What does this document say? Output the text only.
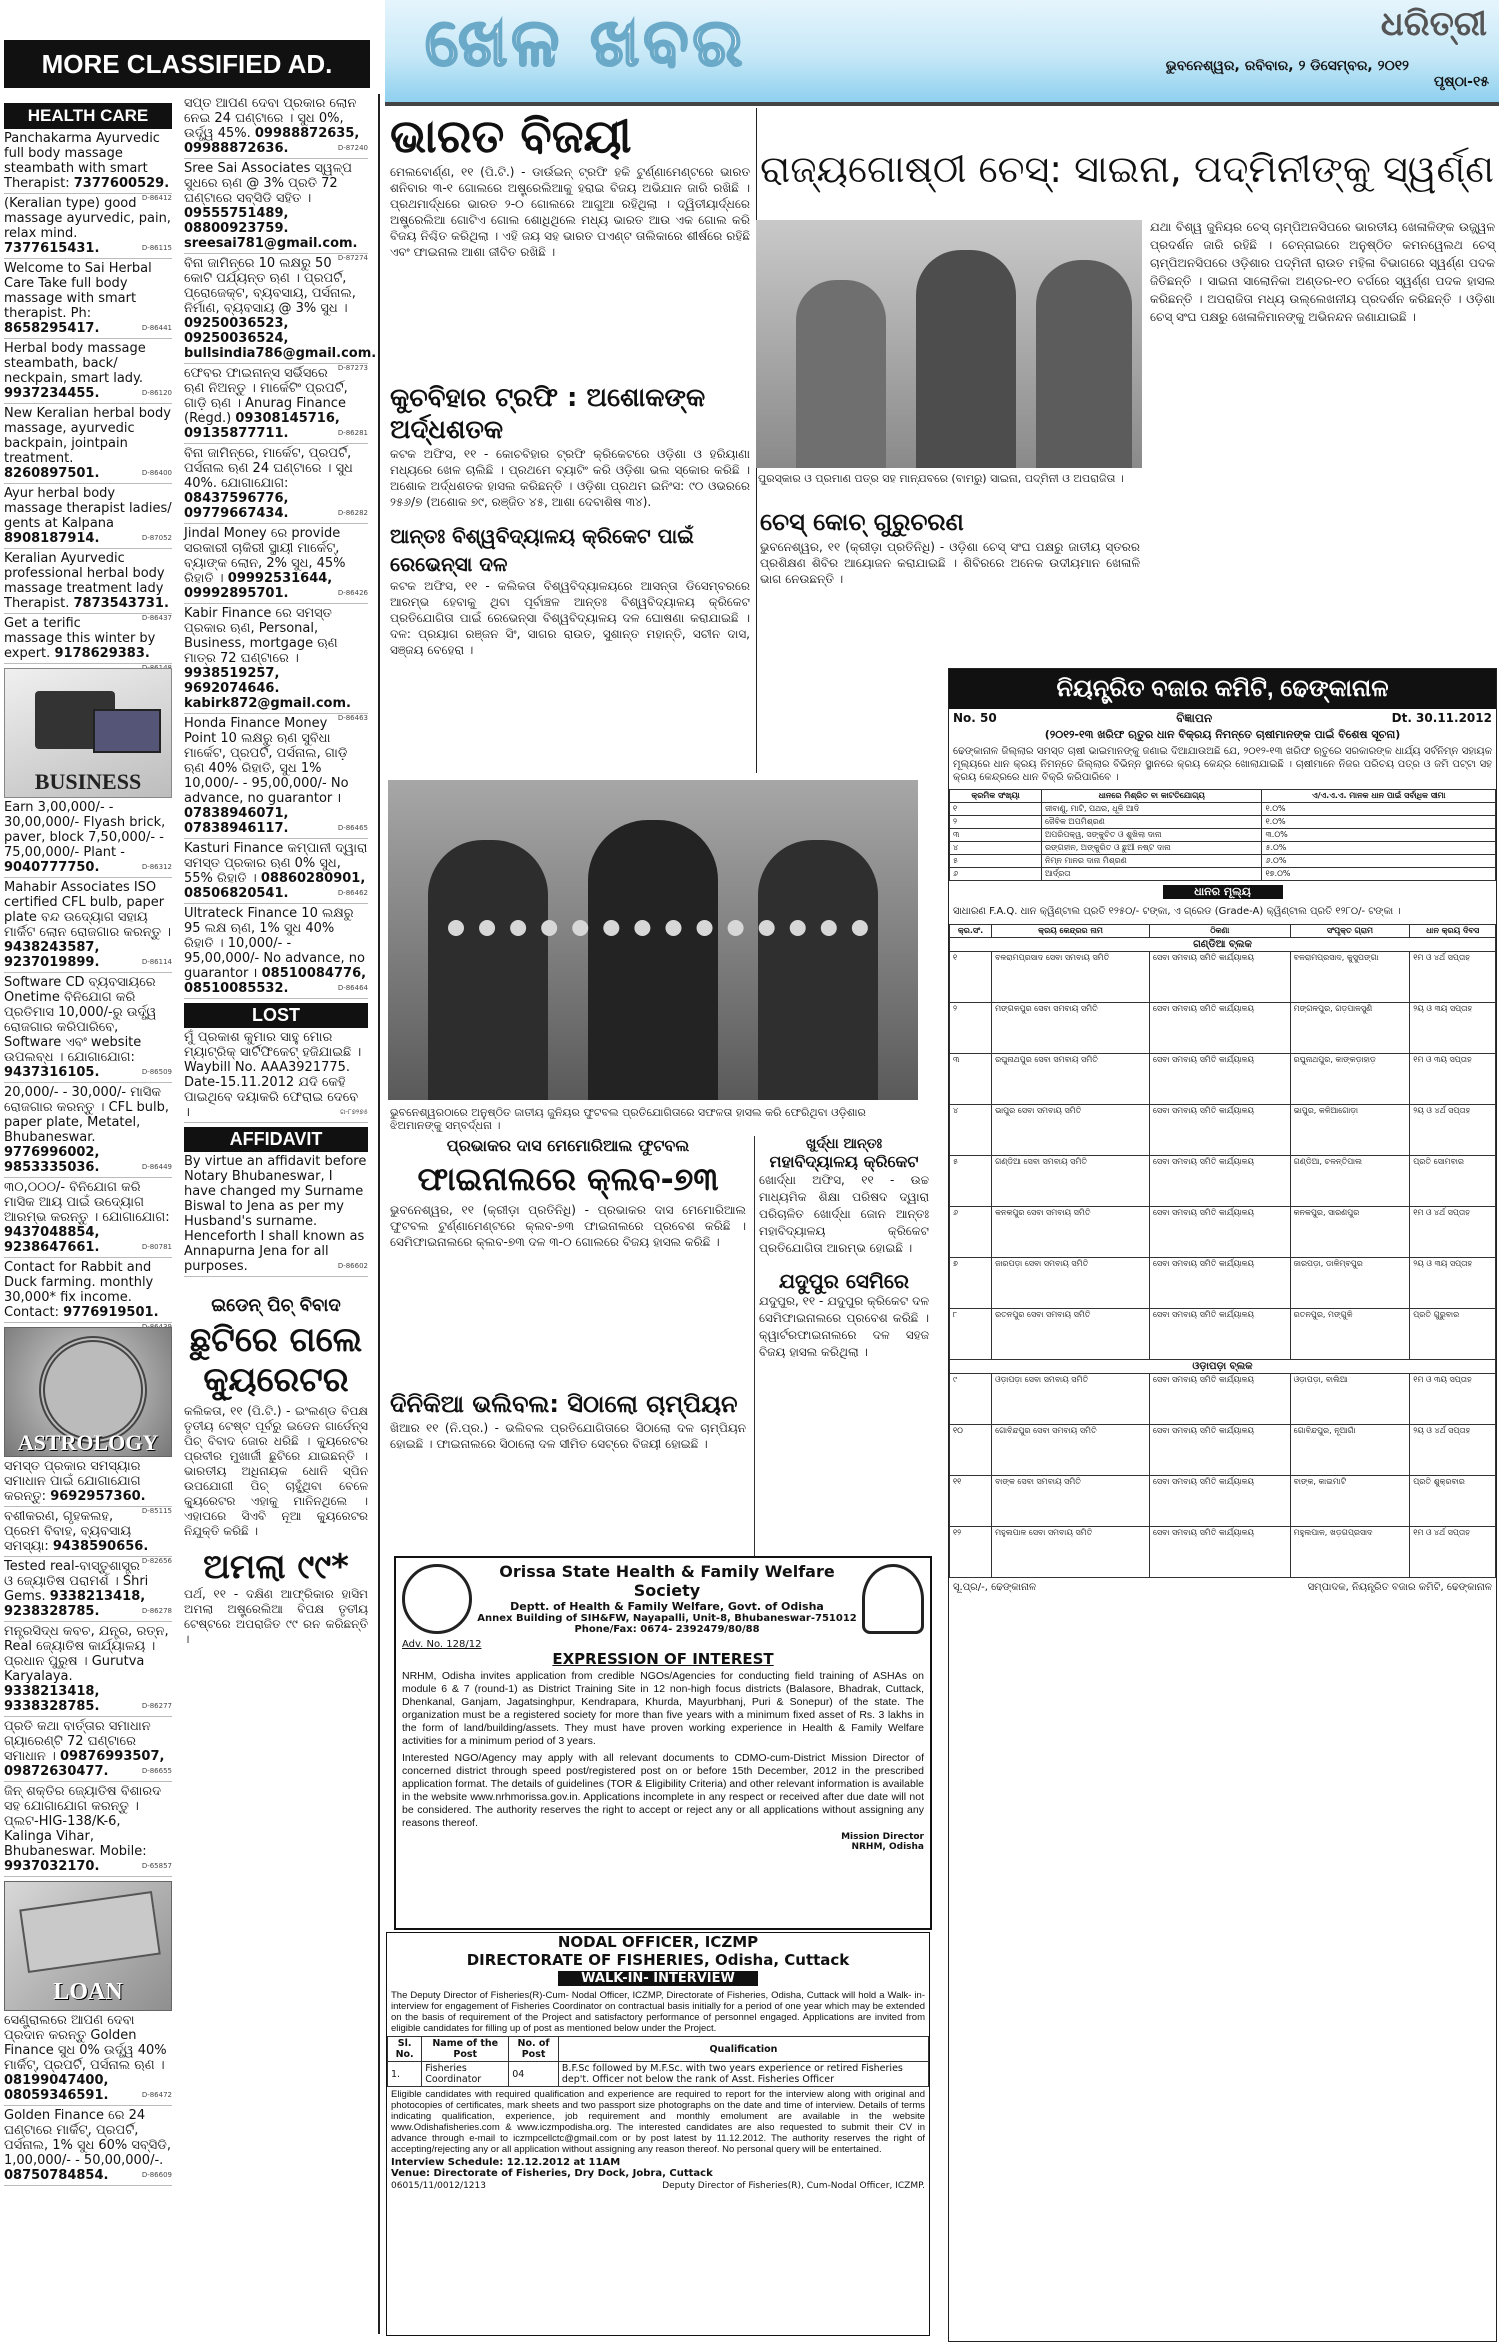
ଖେଳ ଖବର	ଧରିତ୍ରୀ
ଭୁବନେଶ୍ୱର, ରବିବାର, ୨ ଡିସେମ୍ବର, ୨୦୧୨
ପୃଷ୍ଠା-୧୫
MORE CLASSIFIED AD.
HEALTH CARE
Panchakarma Ayurvedic full body massage steambath with smart Therapist: 7377600529.
D-86412
(Keralian type) good massage ayurvedic, pain, relax mind. 7377615431.	D-86115
Welcome to Sai Herbal Care Take full body massage with smart therapist. Ph: 8658295417.	D-86441
Herbal body massage steambath, back/ neckpain, smart lady. 9937234455.	D-86120
New Keralian herbal body massage, ayurvedic backpain, jointpain treatment. 8260897501.	D-86400
Ayur herbal body massage therapist ladies/ gents at Kalpana 8908187914.	D-87052
Keralian Ayurvedic professional herbal body massage treatment lady Therapist. 7873543731.
D-86437
Get a terific massage this winter by expert. 9178629383.
BUSINESS
Earn 3,00,000/- - 30,00,000/- Flyash brick, paver, block 7,50,000/- - 75,00,000/- Plant - 9040777750.	D-86312
Mahabir Associates ISO certified CFL bulb, paper plate ବନ୍ଦ ଉଦ୍ୟୋଗ ସହାୟ ମାର୍କିଟ ଲୋନ ରୋଜଗାର କରନ୍ତୁ । 9438243587, 9237019899.	D-86114
Software CD ବ୍ୟବସାୟରେ Onetime ବିନିଯୋଗ କରି ପ୍ରତିମାସ 10,000/-ରୁ ଉର୍ଦ୍ଧ୍ୱ ରୋଜଗାର କରିପାରିବେ, Software ଏବଂ website ଉପଲବ୍ଧ । ଯୋଗାଯୋଗ: 9437316105.	D-86509
20,000/- - 30,000/- ମାସିକ ରୋଜଗାର କରନ୍ତୁ । CFL bulb, paper plate, Metatel, Bhubaneswar. 9776996002, 9853335036.	D-86449
୩୦,୦୦୦/- ବିନିଯୋଗ କରି ମାସିକ ଆୟ ପାଇଁ ଉଦ୍ୟୋଗ ଆରମ୍ଭ କରନ୍ତୁ । ଯୋଗାଯୋଗ: 9437048854, 9238647661.	D-80781
Contact for Rabbit and Duck farming. monthly 30,000* fix income. Contact: 9776919501.
ASTROLOGY
ସମସ୍ତ ପ୍ରକାର ସମସ୍ୟାର ସମାଧାନ ପାଇଁ ଯୋଗାଯୋଗ କରନ୍ତୁ: 9692957360.
D-85115
ବଶୀକରଣ, ଗୃହକଲହ, ପ୍ରେମ ବିବାହ, ବ୍ୟବସାୟ ସମସ୍ୟା: 9438590656.
D-82656
Tested real-ବାସ୍ତୁଶାସ୍ତ୍ର ଓ ଜ୍ୟୋତିଷ ପରାମର୍ଶ । Shri Gems. 9338213418, 9238328785.	D-86278
ମନ୍ତ୍ରସିଦ୍ଧ କବଚ, ଯନ୍ତ୍ର, ରତ୍ନ, Real ଜ୍ୟୋତିଷ କାର୍ଯ୍ୟାଳୟ । ପ୍ରଧାନ ପୁରୁଷ । Gurutva Karyalaya. 9338213418, 9338328785.	D-86277
ପ୍ରତି କଥା ବାର୍ତ୍ତାର ସମାଧାନ ଗ୍ୟାରେଣ୍ଟି 72 ଘଣ୍ଟାରେ ସମାଧାନ । 09876993507, 09872630477.	D-86655
ଜିନ୍ ଶକ୍ତିର ଜ୍ୟୋତିଷ ବିଶାରଦ ସହ ଯୋଗାଯୋଗ କରନ୍ତୁ । ପ୍ଲଟ-HIG-138/K-6, Kalinga Vihar, Bhubaneswar. Mobile: 9937032170.	D-65857
LOAN
ସେଣ୍ଟ୍ରାଲରେ ଆପଣ ଦେବା ପ୍ରଦାନ କରନ୍ତୁ Golden Finance ସୁଧ 0% ଉର୍ଦ୍ଧ୍ୱ 40% ମାର୍କିଟ୍, ପ୍ରପର୍ଟି, ପର୍ସନାଲ ଋଣ । 08199047400, 08059346591.	D-86472
Golden Finance ରେ 24 ଘଣ୍ଟାରେ ମାର୍କିଟ୍, ପ୍ରପର୍ଟି, ପର୍ସନାଲ, 1% ସୁଧ 60% ସବ୍ସିଡି, 1,00,000/- - 50,00,000/-. 08750784854.	D-86609
ସପ୍ତ ଆପଣ ଦେବା ପ୍ରକାର ଲୋନ ନେଇ 24 ଘଣ୍ଟାରେ । ସୁଧ 0%, ଉର୍ଦ୍ଧ୍ୱ 45%. 09988872635, 09988872636.	D-87240
Sree Sai Associates ସ୍ୱଳ୍ପ ସୁଧରେ ଋଣ @ 3% ପ୍ରତି 72 ଘଣ୍ଟାରେ ସବ୍ସିଡି ସହିତ । 09555751489, 08800923759. sreesai781@gmail.com.
D-87274
ବିନା ଜାମିନ୍‌ରେ 10 ଲକ୍ଷରୁ 50 କୋଟି ପର୍ଯ୍ୟନ୍ତ ଋଣ । ପ୍ରପର୍ଟି, ପ୍ରୋଜେକ୍ଟ, ବ୍ୟବସାୟ, ପର୍ସନାଲ, ନିର୍ମାଣ, ବ୍ୟବସାୟ @ 3% ସୁଧ । 09250036523, 09250036524, bullsindia786@gmail.com.
D-87273
ଫେବର ଫାଇନାନ୍ସ ସର୍ଭିସରେ ଋଣ ନିଅନ୍ତୁ । ମାର୍କେଟିଂ ପ୍ରପର୍ଟି, ଗାଡ଼ି ଋଣ । Anurag Finance (Regd.) 09308145716, 09135877711.	D-86281
ବିନା ଜାମିନ୍‌ରେ, ମାର୍କେଟ, ପ୍ରପର୍ଟି, ପର୍ସନାଲ ଋଣ 24 ଘଣ୍ଟାରେ । ସୁଧ 40%. ଯୋଗାଯୋଗ: 08437596776, 09779667434.	D-86282
Jindal Money ରେ provide ସରକାରୀ ଚାକିରୀ ସ୍ଥାୟୀ ମାର୍କେଟ୍, ବ୍ୟାଙ୍କ ଲୋନ, 2% ସୁଧ, 45% ରିହାତି । 09992531644, 09992895701.	D-86426
Kabir Finance ରେ ସମସ୍ତ ପ୍ରକାର ଋଣ, Personal, Business, mortgage ଋଣ ମାତ୍ର 72 ଘଣ୍ଟାରେ । 9938519257, 9692074646. kabirk872@gmail.com.
D-86463
Honda Finance Money Point 10 ଲକ୍ଷରୁ ଋଣ ସୁବିଧା ମାର୍କେଟ, ପ୍ରପର୍ଟି, ପର୍ସନାଲ, ଗାଡ଼ି ଋଣ 40% ରିହାତି, ସୁଧ 1% 10,000/- - 95,00,000/- No advance, no guarantor । 07838946071, 07838946117.	D-86465
Kasturi Finance କମ୍ପାନୀ ଦ୍ୱାରା ସମସ୍ତ ପ୍ରକାର ଋଣ 0% ସୁଧ, 55% ରିହାତି । 08860280901, 08506820541.	D-86462
Ultrateck Finance 10 ଲକ୍ଷରୁ 95 ଲକ୍ଷ ଋଣ, 1% ସୁଧ 40% ରିହାତି । 10,000/- - 95,00,000/- No advance, no guarantor । 08510084776, 08510085532.	D-86464
LOST
ମୁଁ ପ୍ରକାଶ କୁମାର ସାହୁ ମୋର ମ୍ୟାଟ୍ରିକ୍ ସାର୍ଟିଫିକେଟ୍ ହଜିଯାଇଛି । Waybill No. AAA3921775. Date-15.11.2012 ଯଦି କେହି ପାଇଥିବେ ଦୟାକରି ଫେରାଇ ଦେବେ ।	ଗ-୮୭୨୭୫
AFFIDAVIT
By virtue an affidavit before Notary Bhubaneswar, I have changed my Surname Biswal to Jena as per my Husband's surname. Henceforth I shall known as Annapurna Jena for all purposes.	D-86602
ଇଡେନ୍ ପିଚ୍ ବିବାଦ
ଛୁଟିରେ ଗଲେ କ୍ୟୁରେଟର
କଲିକତା, ୧୧ (ପି.ଟି.) - ଇଂଲଣ୍ଡ ବିପକ୍ଷ ତୃତୀୟ ଟେଷ୍ଟ ପୂର୍ବରୁ ଇଡେନ ଗାର୍ଡେନ୍ସ ପିଚ୍ ବିବାଦ ଜୋର ଧରିଛି । କ୍ୟୁରେଟର ପ୍ରବୀର ମୁଖାର୍ଜୀ ଛୁଟିରେ ଯାଇଛନ୍ତି । ଭାରତୀୟ ଅଧିନାୟକ ଧୋନି ସ୍ପିନ ଉପଯୋଗୀ ପିଚ୍ ଚାହୁଁଥିବା ବେଳେ କ୍ୟୁରେଟର ଏହାକୁ ମାନିନଥିଲେ । ଏହାପରେ ସିଏବି ନୂଆ କ୍ୟୁରେଟର ନିଯୁକ୍ତି କରିଛି ।
ଅମଲା ୯୯*
ପର୍ଥ, ୧୧ - ଦକ୍ଷିଣ ଆଫ୍ରିକାର ହାସିମ ଅମଲା ଅଷ୍ଟ୍ରେଲିଆ ବିପକ୍ଷ ତୃତୀୟ ଟେଷ୍ଟରେ ଅପରାଜିତ ୯୯ ରନ କରିଛନ୍ତି ।
ଭାରତ ବିଜୟୀ
ମେଲବୋର୍ଣ୍ଣ, ୧୧ (ପି.ଟି.) - ଡାର୍ଉଇନ୍ ଟ୍ରଫି ହକି ଟୁର୍ଣ୍ଣାମେଣ୍ଟରେ ଭାରତ ଶନିବାର ୩-୧ ଗୋଲରେ ଅଷ୍ଟ୍ରେଲିଆକୁ ହରାଇ ବିଜୟ ଅଭିଯାନ ଜାରି ରଖିଛି । ପ୍ରଥମାର୍ଦ୍ଧରେ ଭାରତ ୨-୦ ଗୋଲରେ ଆଗୁଆ ରହିଥିଲା । ଦ୍ୱିତୀୟାର୍ଦ୍ଧରେ ଅଷ୍ଟ୍ରେଲିଆ ଗୋଟିଏ ଗୋଲ ଶୋଧିଥିଲେ ମଧ୍ୟ ଭାରତ ଆଉ ଏକ ଗୋଲ କରି ବିଜୟ ନିଶ୍ଚିତ କରିଥିଲା । ଏହି ଜୟ ସହ ଭାରତ ପଏଣ୍ଟ ତାଲିକାରେ ଶୀର୍ଷରେ ରହିଛି ଏବଂ ଫାଇନାଲ ଆଶା ଜୀବିତ ରଖିଛି ।
କୁଚବିହାର ଟ୍ରଫି : ଅଶୋକଙ୍କ ଅର୍ଦ୍ଧଶତକ
କଟକ ଅଫିସ, ୧୧ - କୋଚବିହାର ଟ୍ରଫି କ୍ରିକେଟରେ ଓଡ଼ିଶା ଓ ହରିୟାଣା ମଧ୍ୟରେ ଖେଳ ଚାଲିଛି । ପ୍ରଥମେ ବ୍ୟାଟିଂ କରି ଓଡ଼ିଶା ଭଲ ସ୍କୋର କରିଛି । ଅଶୋକ ଅର୍ଦ୍ଧଶତକ ହାସଲ କରିଛନ୍ତି । ଓଡ଼ିଶା ପ୍ରଥମ ଇନିଂସ: ୯୦ ଓଭରରେ ୨୫୬/୭ (ଅଶୋକ ୭୯, ରଞ୍ଜିତ ୪୫, ଆଶା ଦେବାଶିଷ ୩୪).
ଆନ୍ତଃ ବିଶ୍ୱବିଦ୍ୟାଳୟ କ୍ରିକେଟ ପାଇଁ ରେଭେନ୍ସା ଦଳ
କଟକ ଅଫିସ, ୧୧ - କଲିକତା ବିଶ୍ୱବିଦ୍ୟାଳୟରେ ଆସନ୍ତା ଡିସେମ୍ବରରେ ଆରମ୍ଭ ହେବାକୁ ଥିବା ପୂର୍ବାଞ୍ଚଳ ଆନ୍ତଃ ବିଶ୍ୱବିଦ୍ୟାଳୟ କ୍ରିକେଟ ପ୍ରତିଯୋଗିତା ପାଇଁ ରେଭେନ୍ସା ବିଶ୍ୱବିଦ୍ୟାଳୟ ଦଳ ଘୋଷଣା କରାଯାଇଛି । ଦଳ: ପ୍ରୟାଗ ରଞ୍ଜନ ସିଂ, ସାଗର ରାଉତ, ସୁଶାନ୍ତ ମହାନ୍ତି, ସଚୀନ ଦାସ, ସଞ୍ଜୟ ବେହେରା ।
ରାଜ୍ୟଗୋଷ୍ଠୀ ଚେସ୍: ସାଇନା, ପଦ୍ମିନୀଙ୍କୁ ସ୍ୱର୍ଣ୍ଣ
ପୁରସ୍କାର ଓ ପ୍ରମାଣ ପତ୍ର ସହ ମାନ୍ଯବରେ (ବାମରୁ) ସାଇନା, ପଦ୍ମିନୀ ଓ ଅପରାଜିତା ।
ଯଥା ବିଶ୍ୱ ଜୁନିୟର ଚେସ୍ ଚାମ୍ପିଅନସିପରେ ଭାରତୀୟ ଖେଳାଳିଙ୍କ ଉଜ୍ଜ୍ୱଳ ପ୍ରଦର୍ଶନ ଜାରି ରହିଛି । ଚେନ୍ନାଇରେ ଅନୁଷ୍ଠିତ କମନୱେଲଥ ଚେସ୍ ଚାମ୍ପିଅନସିପରେ ଓଡ଼ିଶାର ପଦ୍ମିନୀ ରାଉତ ମହିଳା ବିଭାଗରେ ସ୍ୱର୍ଣ୍ଣ ପଦକ ଜିତିଛନ୍ତି । ସାଇନା ସାଲୋନିକା ଅଣ୍ଡର-୧୦ ବର୍ଗରେ ସ୍ୱର୍ଣ୍ଣ ପଦକ ହାସଲ କରିଛନ୍ତି । ଅପରାଜିତା ମଧ୍ୟ ଉଲ୍ଲେଖନୀୟ ପ୍ରଦର୍ଶନ କରିଛନ୍ତି । ଓଡ଼ିଶା ଚେସ୍ ସଂଘ ପକ୍ଷରୁ ଖେଳାଳିମାନଙ୍କୁ ଅଭିନନ୍ଦନ ଜଣାଯାଇଛି ।
ଚେସ୍ କୋଚ୍ ଗୁରୁଚରଣ
ଭୁବନେଶ୍ୱର, ୧୧ (କ୍ରୀଡ଼ା ପ୍ରତିନିଧି) - ଓଡ଼ିଶା ଚେସ୍ ସଂଘ ପକ୍ଷରୁ ଜାତୀୟ ସ୍ତରର ପ୍ରଶିକ୍ଷଣ ଶିବିର ଆୟୋଜନ କରାଯାଇଛି । ଶିବିରରେ ଅନେକ ଉଦୀୟମାନ ଖେଳାଳି ଭାଗ ନେଉଛନ୍ତି ।
ନିୟନ୍ତ୍ରିତ ବଜାର କମିଟି, ଢେଙ୍କାନାଳ
No. 50	ବିଜ୍ଞାପନ	Dt. 30.11.2012
(୨୦୧୨-୧୩ ଖରିଫ ଋତୁର ଧାନ ବିକ୍ରୟ ନିମନ୍ତେ ଚାଷୀମାନଙ୍କ ପାଇଁ ବିଶେଷ ସୂଚନା)
ଢେଙ୍କାନାଳ ଜିଲ୍ଲାର ସମସ୍ତ ଚାଷୀ ଭାଇମାନଙ୍କୁ ଜଣାଇ ଦିଆଯାଉଅଛି ଯେ, ୨୦୧୨-୧୩ ଖରିଫ ଋତୁରେ ସରକାରଙ୍କ ଧାର୍ଯ୍ୟ ସର୍ବନିମ୍ନ ସହାୟକ ମୂଲ୍ୟରେ ଧାନ କ୍ରୟ ନିମନ୍ତେ ଜିଲ୍ଲାର ବିଭିନ୍ନ ସ୍ଥାନରେ କ୍ରୟ କେନ୍ଦ୍ର ଖୋଲାଯାଇଛି । ଚାଷୀମାନେ ନିଜର ପରିଚୟ ପତ୍ର ଓ ଜମି ପଟ୍ଟା ସହ କ୍ରୟ କେନ୍ଦ୍ରରେ ଧାନ ବିକ୍ରି କରିପାରିବେ ।
କ୍ରମିକ ସଂଖ୍ୟା	ଧାନରେ ମିଶ୍ରିତ ବା କାଟତିଯୋଗ୍ୟ	ଏ/ଏ.ଏ.ଏ. ମାନକ ଧାନ ପାଇଁ ସର୍ବାଧିକ ସୀମା
୧	ଜୀବାଣୁ, ମାଟି, ପଥର, ଧୂଳି ଆଦି	୧.୦%
୨	ଜୈବିକ ଅପମିଶ୍ରଣ	୧.୦%
୩	ଅପରିପକ୍ୱ, ସଙ୍କୁଚିତ ଓ ଶୁଖିଲା ଦାନା	୩.୦%
୪	ରଙ୍ଗହୀନ, ଅଙ୍କୁରିତ ଓ ଛୁଆଁ ନଷ୍ଟ ଦାନା	୫.୦%
୫	ନିମ୍ନ ମାନର ଦାନା ମିଶ୍ରଣ	୬.୦%
୬	ଆର୍ଦ୍ରତା	୧୭.୦%
ଧାନର ମୂଲ୍ୟ
ସାଧାରଣ F.A.Q. ଧାନ କ୍ୱିଣ୍ଟାଲ ପ୍ରତି ୧୨୫୦/- ଟଙ୍କା, ଏ ଗ୍ରେଡ (Grade-A) କ୍ୱିଣ୍ଟାଲ ପ୍ରତି ୧୨୮୦/- ଟଙ୍କା ।
କ୍ର.ସଂ.	କ୍ରୟ କେନ୍ଦ୍ରର ନାମ	ଠିକଣା	ସଂପୃକ୍ତ ଗ୍ରାମ	ଧାନ କ୍ରୟ ଦିବସ
ଗଣ୍ଡିଆ ବ୍ଲକ				
୧	ବଳରାମପ୍ରସାଦ ସେବା ସମବାୟ ସମିତି	ସେବା ସମବାୟ ସମିତି କାର୍ଯ୍ୟାଳୟ	ବଳରାମପ୍ରସାଦ, କୁସୁପଙ୍ଗା	୧ମ ଓ ୪ର୍ଥ ସପ୍ତାହ
୨	ମଙ୍ଗଳପୁର ସେବା ସମବାୟ ସମିତି	ସେବା ସମବାୟ ସମିତି କାର୍ଯ୍ୟାଳୟ	ମଙ୍ଗଳପୁର, ଗଡ଼ପାଳସୁଣି	୨ୟ ଓ ୩ୟ ସପ୍ତାହ
୩	ରଘୁନାଥପୁର ସେବା ସମବାୟ ସମିତି	ସେବା ସମବାୟ ସମିତି କାର୍ଯ୍ୟାଳୟ	ରଘୁନାଥପୁର, କାଙ୍କଡ଼ାହାଡ଼	୧ମ ଓ ୩ୟ ସପ୍ତାହ
୪	ଭାପୁର ସେବା ସମବାୟ ସମିତି	ସେବା ସମବାୟ ସମିତି କାର୍ଯ୍ୟାଳୟ	ଭାପୁର, କଳିଆଗୋଡ଼ା	୨ୟ ଓ ୪ର୍ଥ ସପ୍ତାହ
୫	ଗଣ୍ଡିଆ ସେବା ସମବାୟ ସମିତି	ସେବା ସମବାୟ ସମିତି କାର୍ଯ୍ୟାଳୟ	ଗଣ୍ଡିଆ, ଚଳନ୍ତିପାଲ	ପ୍ରତି ସୋମବାର
୬	କନକପୁର ସେବା ସମବାୟ ସମିତି	ସେବା ସମବାୟ ସମିତି କାର୍ଯ୍ୟାଳୟ	କନକପୁର, ସାରଣପୁର	୧ମ ଓ ୪ର୍ଥ ସପ୍ତାହ
୭	ଜାରପଡ଼ା ସେବା ସମବାୟ ସମିତି	ସେବା ସମବାୟ ସମିତି କାର୍ଯ୍ୟାଳୟ	ଜାରପଡ଼ା, ଡାଳିମ୍ବପୁର	୨ୟ ଓ ୩ୟ ସପ୍ତାହ
୮	ରତନପୁର ସେବା ସମବାୟ ସମିତି	ସେବା ସମବାୟ ସମିତି କାର୍ଯ୍ୟାଳୟ	ରତନପୁର, ମଙ୍ଗୁଳି	ପ୍ରତି ଗୁରୁବାର
ଓଡ଼ାପଡ଼ା ବ୍ଲକ				
୯	ଓଡ଼ାପଡ଼ା ସେବା ସମବାୟ ସମିତି	ସେବା ସମବାୟ ସମିତି କାର୍ଯ୍ୟାଳୟ	ଓଡ଼ାପଡ଼ା, ବାଲିଆ	୧ମ ଓ ୩ୟ ସପ୍ତାହ
୧୦	ଗୋବିନ୍ଦପୁର ସେବା ସମବାୟ ସମିତି	ସେବା ସମବାୟ ସମିତି କାର୍ଯ୍ୟାଳୟ	ଗୋବିନ୍ଦପୁର, ନୂଆଗାଁ	୨ୟ ଓ ୪ର୍ଥ ସପ୍ତାହ
୧୧	ବାଙ୍କ ସେବା ସମବାୟ ସମିତି	ସେବା ସମବାୟ ସମିତି କାର୍ଯ୍ୟାଳୟ	ବାଙ୍କ, କାଇମାଟି	ପ୍ରତି ଶୁକ୍ରବାର
୧୨	ମହୁଲପାଳ ସେବା ସମବାୟ ସମିତି	ସେବା ସମବାୟ ସମିତି କାର୍ଯ୍ୟାଳୟ	ମହୁଲପାଳ, ଖଡ଼ଗପ୍ରସାଦ	୧ମ ଓ ୪ର୍ଥ ସପ୍ତାହ
ସୂ.ପ୍ର/-, ଢେଙ୍କାନାଳ	ସମ୍ପାଦକ, ନିୟନ୍ତ୍ରିତ ବଜାର କମିଟି, ଢେଙ୍କାନାଳ
ଭୁବନେଶ୍ୱରଠାରେ ଅନୁଷ୍ଠିତ ଜାତୀୟ ଜୁନିୟର ଫୁଟବଲ ପ୍ରତିଯୋଗିତାରେ ସଫଳତା ହାସଲ କରି ଫେରିଥିବା ଓଡ଼ିଶାର ଝିଅମାନଙ୍କୁ ସମ୍ବର୍ଦ୍ଧନା ।
ପ୍ରଭାକର ଦାସ ମେମୋରିଆଲ ଫୁଟବଲ
ଫାଇନାଲରେ କ୍ଲବ-୭୩
ଭୁବନେଶ୍ୱର, ୧୧ (କ୍ରୀଡ଼ା ପ୍ରତିନିଧି) - ପ୍ରଭାକର ଦାସ ମେମୋରିଆଲ ଫୁଟବଲ ଟୁର୍ଣ୍ଣାମେଣ୍ଟରେ କ୍ଲବ-୭୩ ଫାଇନାଲରେ ପ୍ରବେଶ କରିଛି । ସେମିଫାଇନାଲରେ କ୍ଲବ-୭୩ ଦଳ ୩-୦ ଗୋଲରେ ବିଜୟ ହାସଲ କରିଛି ।
ଖୁର୍ଦ୍ଧା ଆନ୍ତଃ
ମହାବିଦ୍ୟାଳୟ କ୍ରିକେଟ
ଖୋର୍ଦ୍ଧା ଅଫିସ, ୧୧ - ଉଚ୍ଚ ମାଧ୍ୟମିକ ଶିକ୍ଷା ପରିଷଦ ଦ୍ୱାରା ପରିଚାଳିତ ଖୋର୍ଦ୍ଧା ଜୋନ ଆନ୍ତଃ ମହାବିଦ୍ୟାଳୟ କ୍ରିକେଟ ପ୍ରତିଯୋଗିତା ଆରମ୍ଭ ହୋଇଛି ।
ଯଦୁପୁର ସେମିରେ
ଯଦୁପୁର, ୧୧ - ଯଦୁପୁର କ୍ରିକେଟ ଦଳ ସେମିଫାଇନାଲରେ ପ୍ରବେଶ କରିଛି । କ୍ୱାର୍ଟରଫାଇନାଲରେ ଦଳ ସହଜ ବିଜୟ ହାସଲ କରିଥିଲା ।
ଦିନିକିଆ ଭଲିବଲ: ସିଠାଲୋ ଚାମ୍ପିୟନ
ଖିଆର ୧୧ (ନି.ପ୍ର.) - ଭଲିବଲ ପ୍ରତିଯୋଗିତାରେ ସିଠାଲୋ ଦଳ ଚାମ୍ପିୟନ ହୋଇଛି । ଫାଇନାଲରେ ସିଠାଲୋ ଦଳ ସୀମିତ ସେଟ୍‌ରେ ବିଜୟୀ ହୋଇଛି ।
Orissa State Health & Family Welfare Society
Deptt. of Health & Family Welfare, Govt. of Odisha
Annex Building of SIH&FW, Nayapalli, Unit-8, Bhubaneswar-751012
Phone/Fax: 0674- 2392479/80/88
Adv. No. 128/12
EXPRESSION OF INTEREST
NRHM, Odisha invites application from credible NGOs/Agencies for conducting field training of ASHAs on module 6 & 7 (round-1) as District Training Site in 12 non-high focus districts (Balasore, Bhadrak, Cuttack, Dhenkanal, Ganjam, Jagatsinghpur, Kendrapara, Khurda, Mayurbhanj, Puri & Sonepur) of the state. The organization must be a registered society for more than five years with a minimum fixed asset of Rs. 3 lakhs in the form of land/building/assets. They must have proven working experience in Health & Family Welfare activities for a minimum period of 3 years.
Interested NGO/Agency may apply with all relevant documents to CDMO-cum-District Mission Director of concerned district through speed post/registered post on or before 15th December, 2012 in the prescribed application format. The details of guidelines (TOR & Eligibility Criteria) and other relevant information is available in the website www.nrhmorissa.gov.in. Applications incomplete in any respect or received after due date will not be considered. The authority reserves the right to accept or reject any or all applications without assigning any reasons thereof.
Mission Director
NRHM, Odisha
NODAL OFFICER, ICZMP
DIRECTORATE OF FISHERIES, Odisha, Cuttack
WALK-IN- INTERVIEW
The Deputy Director of Fisheries(R)-Cum- Nodal Officer, ICZMP, Directorate of Fisheries, Odisha, Cuttack will hold a Walk- in- interview for engagement of Fisheries Coordinator on contractual basis initially for a period of one year which may be extended on the basis of requirement of the Project and satisfactory performance of personnel engaged. Applications are invited from eligible candidates for filling up of post as mentioned below under the Project.
Sl. No.	Name of the Post	No. of Post	Qualification
1.	Fisheries Coordinator	04	B.F.Sc followed by M.F.Sc. with two years experience or retired Fisheries dep't. Officer not below the rank of Asst. Fisheries Officer
Eligible candidates with required qualification and experience are required to report for the interview along with original and photocopies of certificates, mark sheets and two passport size photographs on the date and time of interview. Details of terms indicating qualification, experience, job requirement and monthly emolument are available in the website www.Odishafisheries.com & www.iczmpodisha.org. The interested candidates are also requested to submit their CV in advance through e-mail to iczmpcellctc@gmail.com or by post latest by 11.12.2012. The authority reserves the right of accepting/rejecting any or all application without assigning any reason thereof. No personal query will be entertained.
Interview Schedule: 12.12.2012 at 11AM
Venue: Directorate of Fisheries, Dry Dock, Jobra, Cuttack
06015/11/0012/1213	Deputy Director of Fisheries(R), Cum-Nodal Officer, ICZMP.
